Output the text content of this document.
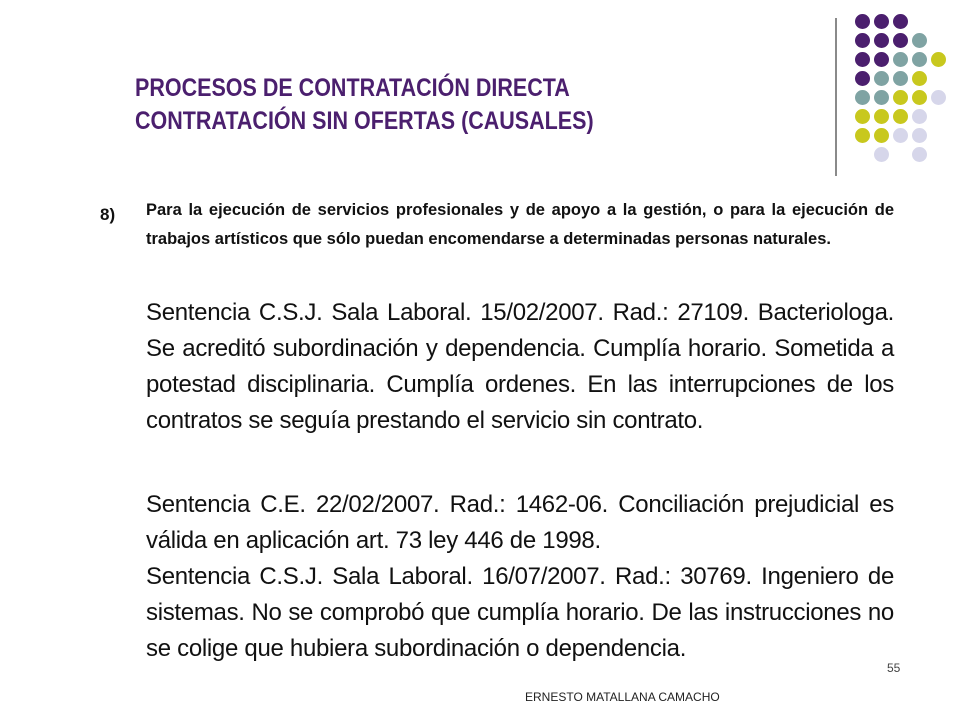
PROCESOS DE CONTRATACIÓN DIRECTA
CONTRATACIÓN SIN OFERTAS (CAUSALES)
8) Para la ejecución de servicios profesionales y de apoyo a la gestión, o para la ejecución de trabajos artísticos que sólo puedan encomendarse a determinadas personas naturales.
Sentencia C.S.J. Sala Laboral. 15/02/2007. Rad.: 27109. Bacteriologa. Se acreditó subordinación y dependencia. Cumplía horario. Sometida a potestad disciplinaria. Cumplía ordenes. En las interrupciones de los contratos se seguía prestando el servicio sin contrato.
Sentencia C.E. 22/02/2007. Rad.: 1462-06. Conciliación prejudicial es válida en aplicación art. 73 ley 446 de 1998.
Sentencia C.S.J. Sala Laboral. 16/07/2007. Rad.: 30769. Ingeniero de sistemas. No se comprobó que cumplía horario. De las instrucciones no se colige que hubiera subordinación o dependencia.
55
ERNESTO MATALLANA CAMACHO
